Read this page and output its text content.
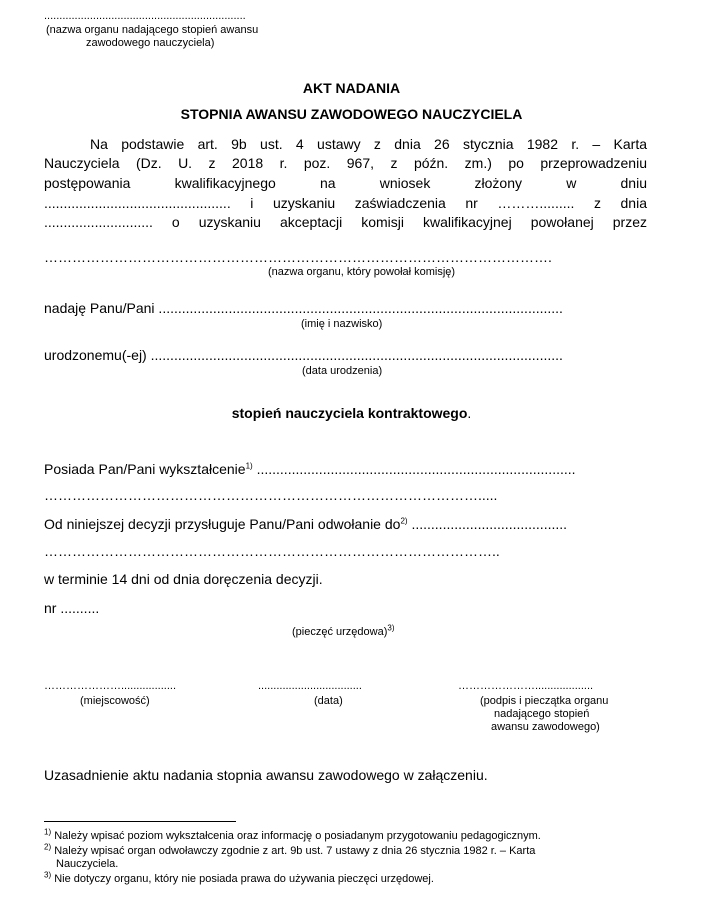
..................................................................
(nazwa organu nadającego stopień awansu
zawodowego nauczyciela)
AKT NADANIA
STOPNIA AWANSU ZAWODOWEGO NAUCZYCIELA
Na podstawie art. 9b ust. 4 ustawy z dnia 26 stycznia 1982 r. – Karta
Nauczyciela (Dz. U. z 2018 r. poz. 967, z późn. zm.) po przeprowadzeniu
postępowania kwalifikacyjnego na wniosek złożony w dniu
................................................ i uzyskaniu zaświadczenia nr ………......... z dnia
............................ o uzyskaniu akceptacji komisji kwalifikacyjnej powołanej przez
……………………………………………………………………………………………….
(nazwa organu, który powołał komisję)
nadaję Panu/Pani ........................................................................................................
(imię i nazwisko)
urodzonemu(-ej) ..........................................................................................................
(data urodzenia)
stopień nauczyciela kontraktowego.
Posiada Pan/Pani wykształcenie$^{1)}$ ..................................................................................
………………………………………………………………………………….....
Od niniejszej decyzji przysługuje Panu/Pani odwołanie $do^{2)}$ ........................................
……………………………………………………………………………………..
w terminie 14 dni od dnia doręczenia decyzji.
nr ..........
(pieczęć urzędowa)$^{3)}$
…………………..................
(miejscowość)
..................................
(data)
…………………...................
(podpis i pieczątka organu
nadającego stopień
awansu zawodowego)
Uzasadnienie aktu nadania stopnia awansu zawodowego w załączeniu.
$^{1)}$ Należy wpisać poziom wykształcenia oraz informację o posiadanym przygotowaniu pedagogicznym.
$^{2)}$ Należy wpisać organ odwoławczy zgodnie z art. 9b ust. 7 ustawy z dnia 26 stycznia 1982 r. – Karta
Nauczyciela.
$^{3)}$ Nie dotyczy organu, który nie posiada prawa do używania pieczęci urzędowej.
